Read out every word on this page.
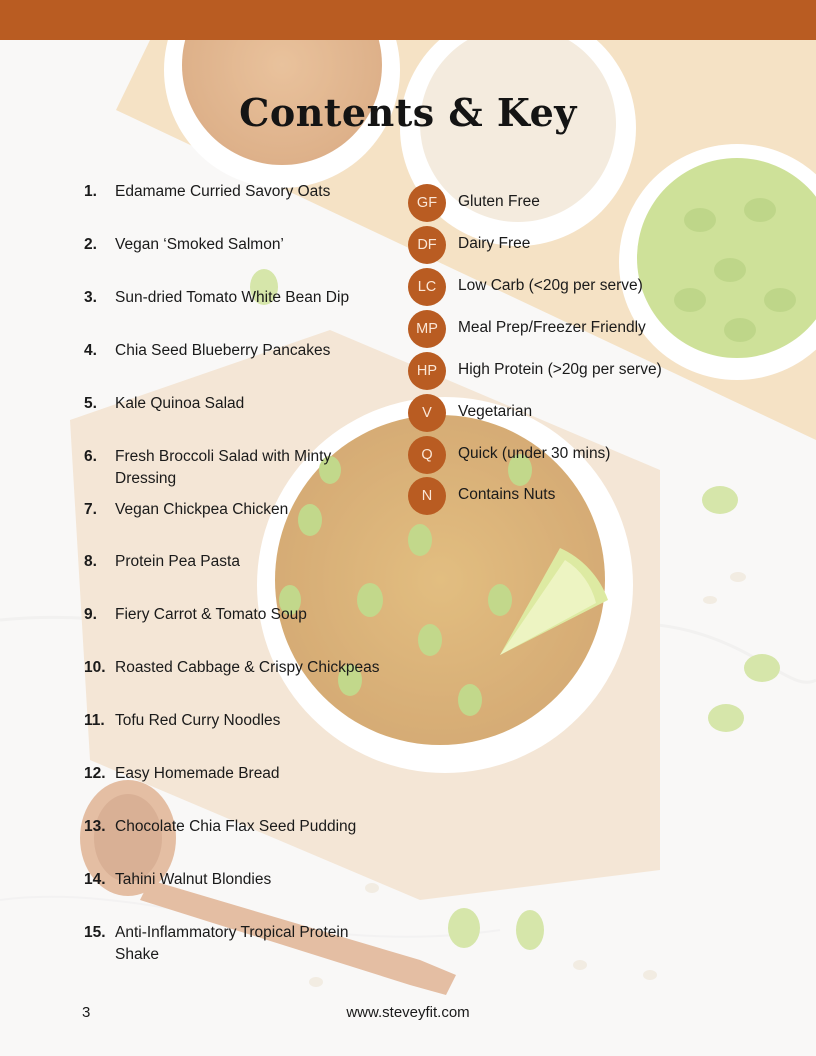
Contents & Key
1.	Edamame Curried Savory Oats
2.	Vegan ‘Smoked Salmon’
3.	Sun-dried Tomato White Bean Dip
4.	Chia Seed Blueberry Pancakes
5.	Kale Quinoa Salad
6.	Fresh Broccoli Salad with Minty Dressing
7.	Vegan Chickpea Chicken
8.	Protein Pea Pasta
9.	Fiery Carrot & Tomato Soup
10. Roasted Cabbage & Crispy Chickpeas
11. Tofu Red Curry Noodles
12. Easy Homemade Bread
13. Chocolate Chia Flax Seed Pudding
14. Tahini Walnut Blondies
15. Anti-Inflammatory Tropical Protein Shake
GF	Gluten Free
DF	Dairy Free
LC	Low Carb (<20g per serve)
MP	Meal Prep/Freezer Friendly
HP	High Protein (>20g per serve)
V	Vegetarian
Q	Quick (under 30 mins)
N	Contains Nuts
3	www.steveyfit.com
